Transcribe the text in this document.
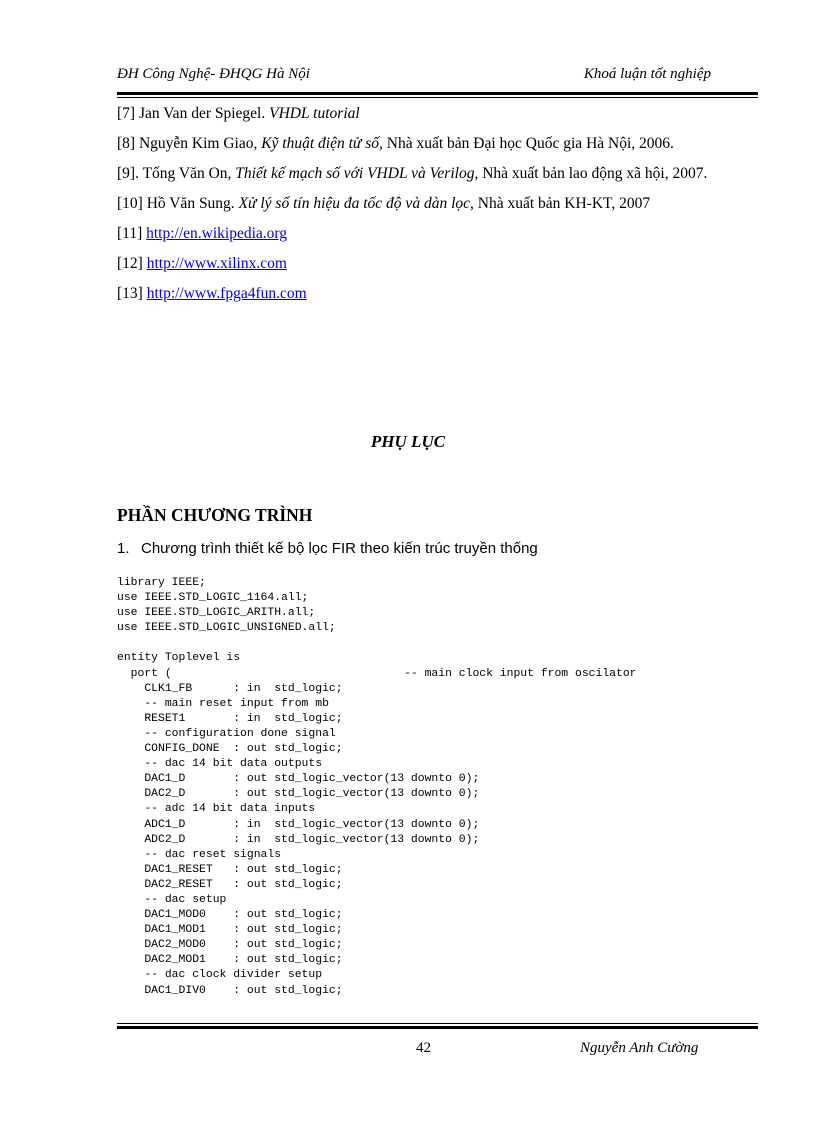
ĐH Công Nghệ- ĐHQG Hà Nội	Khoá luận tốt nghiệp
[7] Jan Van der Spiegel. VHDL tutorial
[8] Nguyễn Kim Giao, Kỹ thuật điện tử số, Nhà xuất bản Đại học Quốc gia Hà Nội, 2006.
[9]. Tống Văn On, Thiết kế mạch số với VHDL và Verilog, Nhà xuất bản lao động xã hội, 2007.
[10] Hồ Văn Sung. Xử lý số tín hiệu đa tốc độ và dàn lọc, Nhà xuất bản KH-KT, 2007
[11] http://en.wikipedia.org
[12] http://www.xilinx.com
[13] http://www.fpga4fun.com
PHỤ LỤC
PHẦN CHƯƠNG TRÌNH
1. Chương trình thiết kế bộ lọc FIR theo kiến trúc truyền thống
library IEEE;
use IEEE.STD_LOGIC_1164.all;
use IEEE.STD_LOGIC_ARITH.all;
use IEEE.STD_LOGIC_UNSIGNED.all;

entity Toplevel is
port (                                  -- main clock input from oscilator
CLK1_FB      : in  std_logic;
-- main reset input from mb
RESET1       : in  std_logic;
-- configuration done signal
CONFIG_DONE  : out std_logic;
-- dac 14 bit data outputs
DAC1_D       : out std_logic_vector(13 downto 0);
DAC2_D       : out std_logic_vector(13 downto 0);
-- adc 14 bit data inputs
ADC1_D       : in  std_logic_vector(13 downto 0);
ADC2_D       : in  std_logic_vector(13 downto 0);
-- dac reset signals
DAC1_RESET   : out std_logic;
DAC2_RESET   : out std_logic;
-- dac setup
DAC1_MOD0    : out std_logic;
DAC1_MOD1    : out std_logic;
DAC2_MOD0    : out std_logic;
DAC2_MOD1    : out std_logic;
-- dac clock divider setup
DAC1_DIV0    : out std_logic;
42	Nguyễn Anh Cường
